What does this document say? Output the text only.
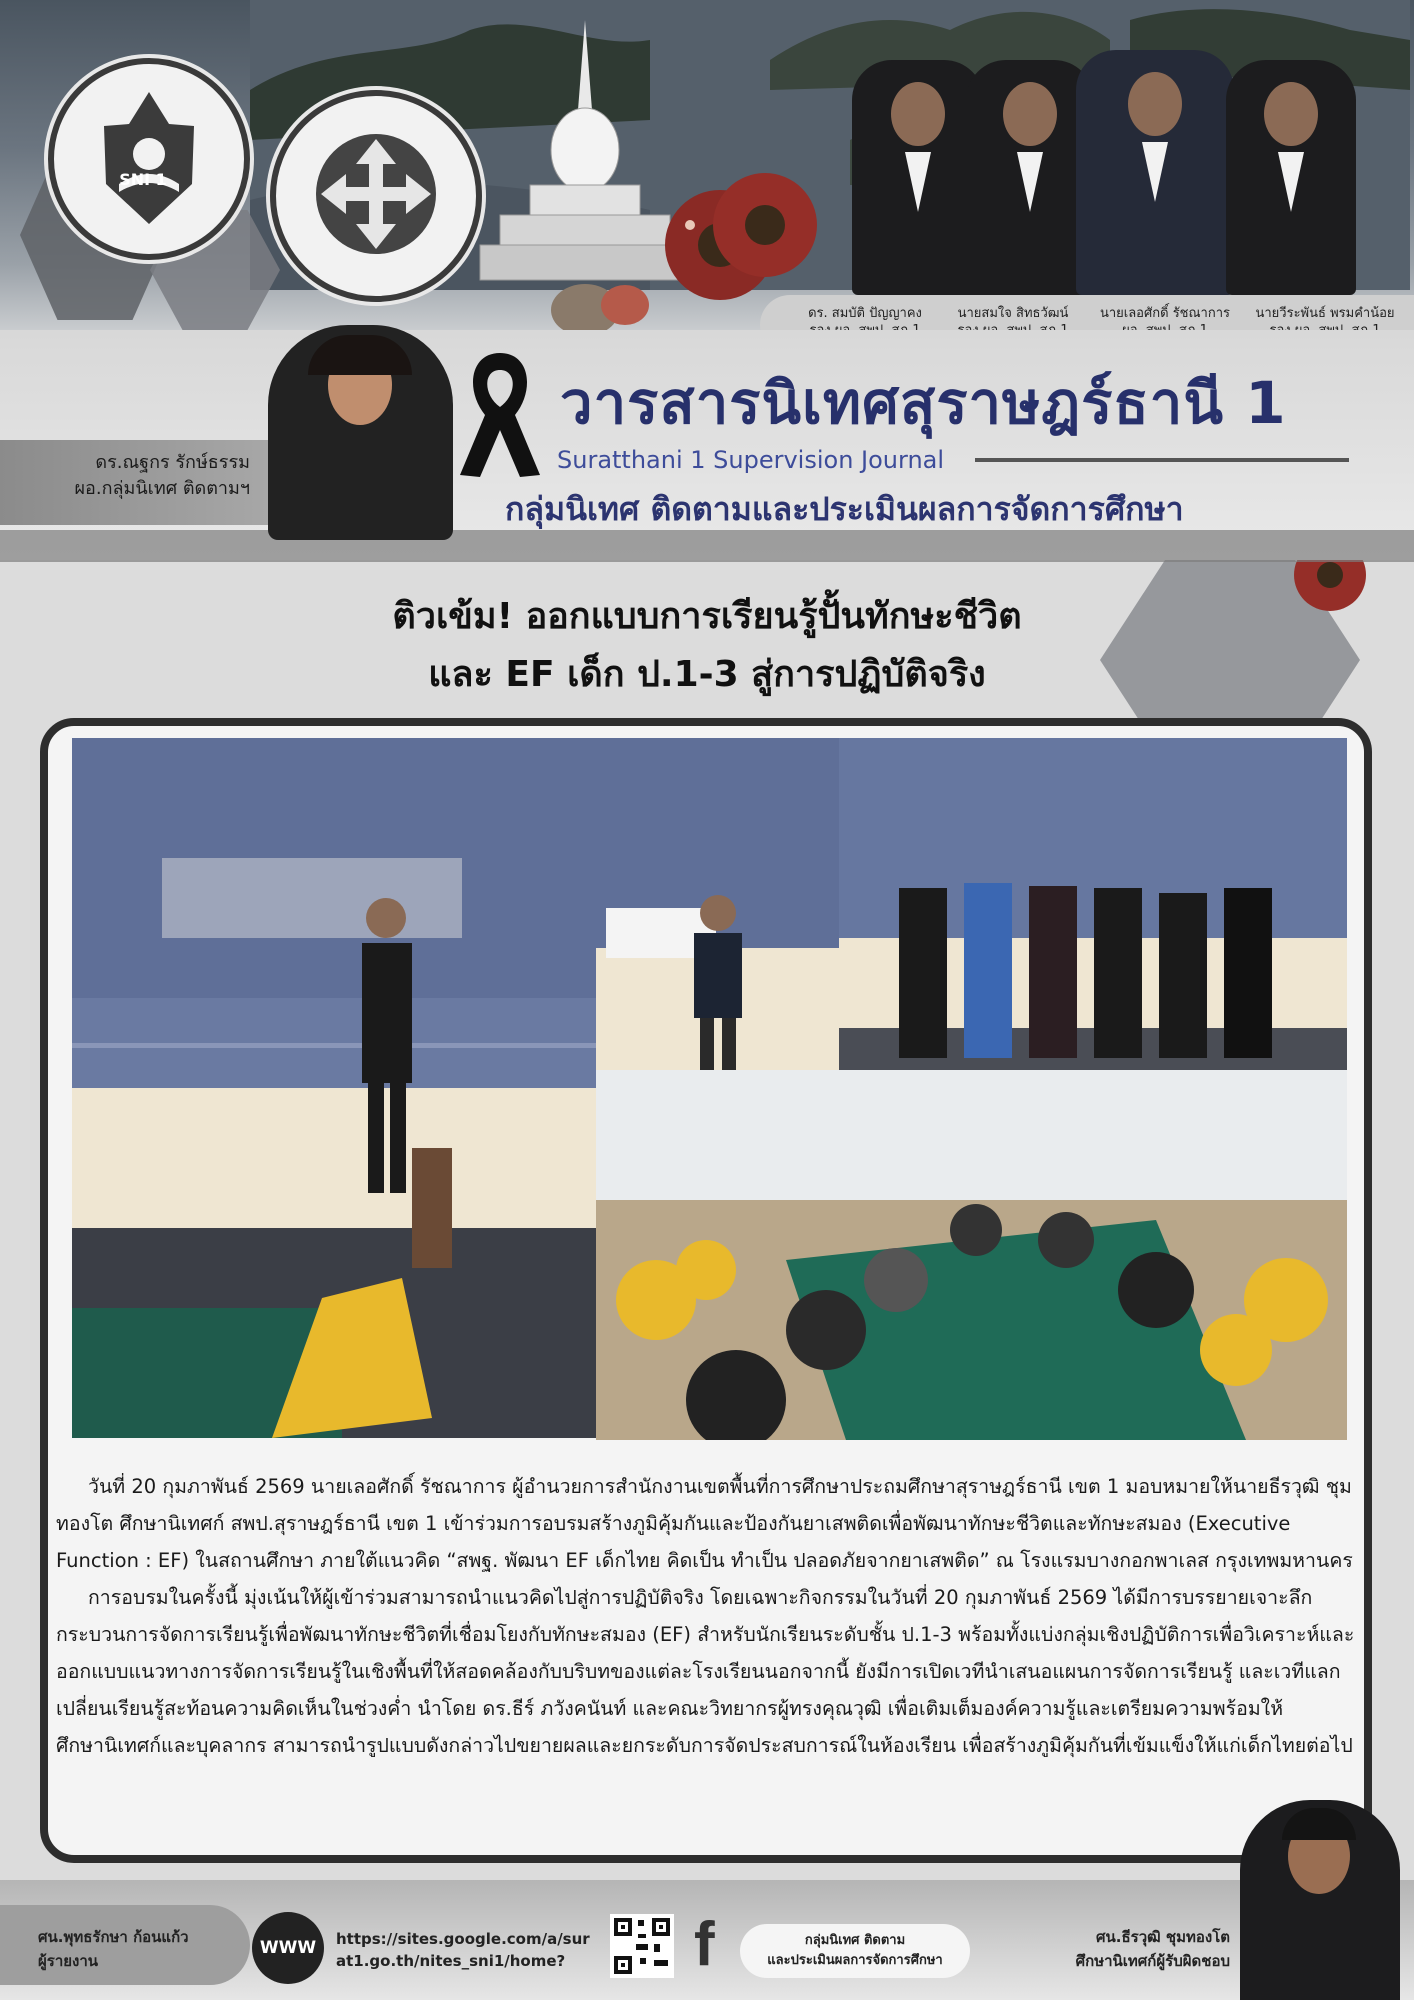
SNI 1
ดร. สมบัติ ปัญญาคง	นายสมใจ สิทธวัฒน์	นายเลอศักดิ์ รัชณาการ	นายวีระพันธ์ พรมคำน้อย
ดร.ณฐกร รักษ์ธรรม
ผอ.กลุ่มนิเทศ ติดตามฯ
วารสารนิเทศสุราษฎร์ธานี 1
Suratthani 1 Supervision Journal
กลุ่มนิเทศ ติดตามและประเมินผลการจัดการศึกษา
ติวเข้ม! ออกแบบการเรียนรู้ปั้นทักษะชีวิต
และ EF เด็ก ป.1-3 สู่การปฏิบัติจริง

วันที่ 20 กุมภาพันธ์ 2569 นายเลอศักดิ์ รัชณาการ ผู้อำนวยการสำนักงานเขตพื้นที่การศึกษาประถมศึกษาสุราษฎร์ธานี เขต 1 มอบหมายให้นายธีรวุฒิ ชุมทองโต ศึกษานิเทศก์ สพป.สุราษฎร์ธานี เขต 1 เข้าร่วมการอบรมสร้างภูมิคุ้มกันและป้องกันยาเสพติดเพื่อพัฒนาทักษะชีวิตและทักษะสมอง (Executive Function : EF) ในสถานศึกษา ภายใต้แนวคิด “สพฐ. พัฒนา EF เด็กไทย คิดเป็น ทำเป็น ปลอดภัยจากยาเสพติด” ณ โรงแรมบางกอกพาเลส กรุงเทพมหานคร

การอบรมในครั้งนี้ มุ่งเน้นให้ผู้เข้าร่วมสามารถนำแนวคิดไปสู่การปฏิบัติจริง โดยเฉพาะกิจกรรมในวันที่ 20 กุมภาพันธ์ 2569 ได้มีการบรรยายเจาะลึกกระบวนการจัดการเรียนรู้เพื่อพัฒนาทักษะชีวิตที่เชื่อมโยงกับทักษะสมอง (EF) สำหรับนักเรียนระดับชั้น ป.1-3 พร้อมทั้งแบ่งกลุ่มเชิงปฏิบัติการเพื่อวิเคราะห์และออกแบบแนวทางการจัดการเรียนรู้ในเชิงพื้นที่ให้สอดคล้องกับบริบทของแต่ละโรงเรียนนอกจากนี้ ยังมีการเปิดเวทีนำเสนอแผนการจัดการเรียนรู้ และเวทีแลกเปลี่ยนเรียนรู้สะท้อนความคิดเห็นในช่วงค่ำ นำโดย ดร.ธีร์ ภวังคนันท์ และคณะวิทยากรผู้ทรงคุณวุฒิ เพื่อเติมเต็มองค์ความรู้และเตรียมความพร้อมให้ศึกษานิเทศก์และบุคลากร สามารถนำรูปแบบดังกล่าวไปขยายผลและยกระดับการจัดประสบการณ์ในห้องเรียน เพื่อสร้างภูมิคุ้มกันที่เข้มแข็งให้แก่เด็กไทยต่อไป

ศน.พุทธรักษา ก้อนแก้ว
ผู้รายงาน
WWW	https://sites.google.com/a/surat1.go.th/nites_sni1/home?	f	กลุ่มนิเทศ ติดตาม
และประเมินผลการจัดการศึกษา
ศน.ธีรวุฒิ ชุมทองโต
ศึกษานิเทศก์ผู้รับผิดชอบ
